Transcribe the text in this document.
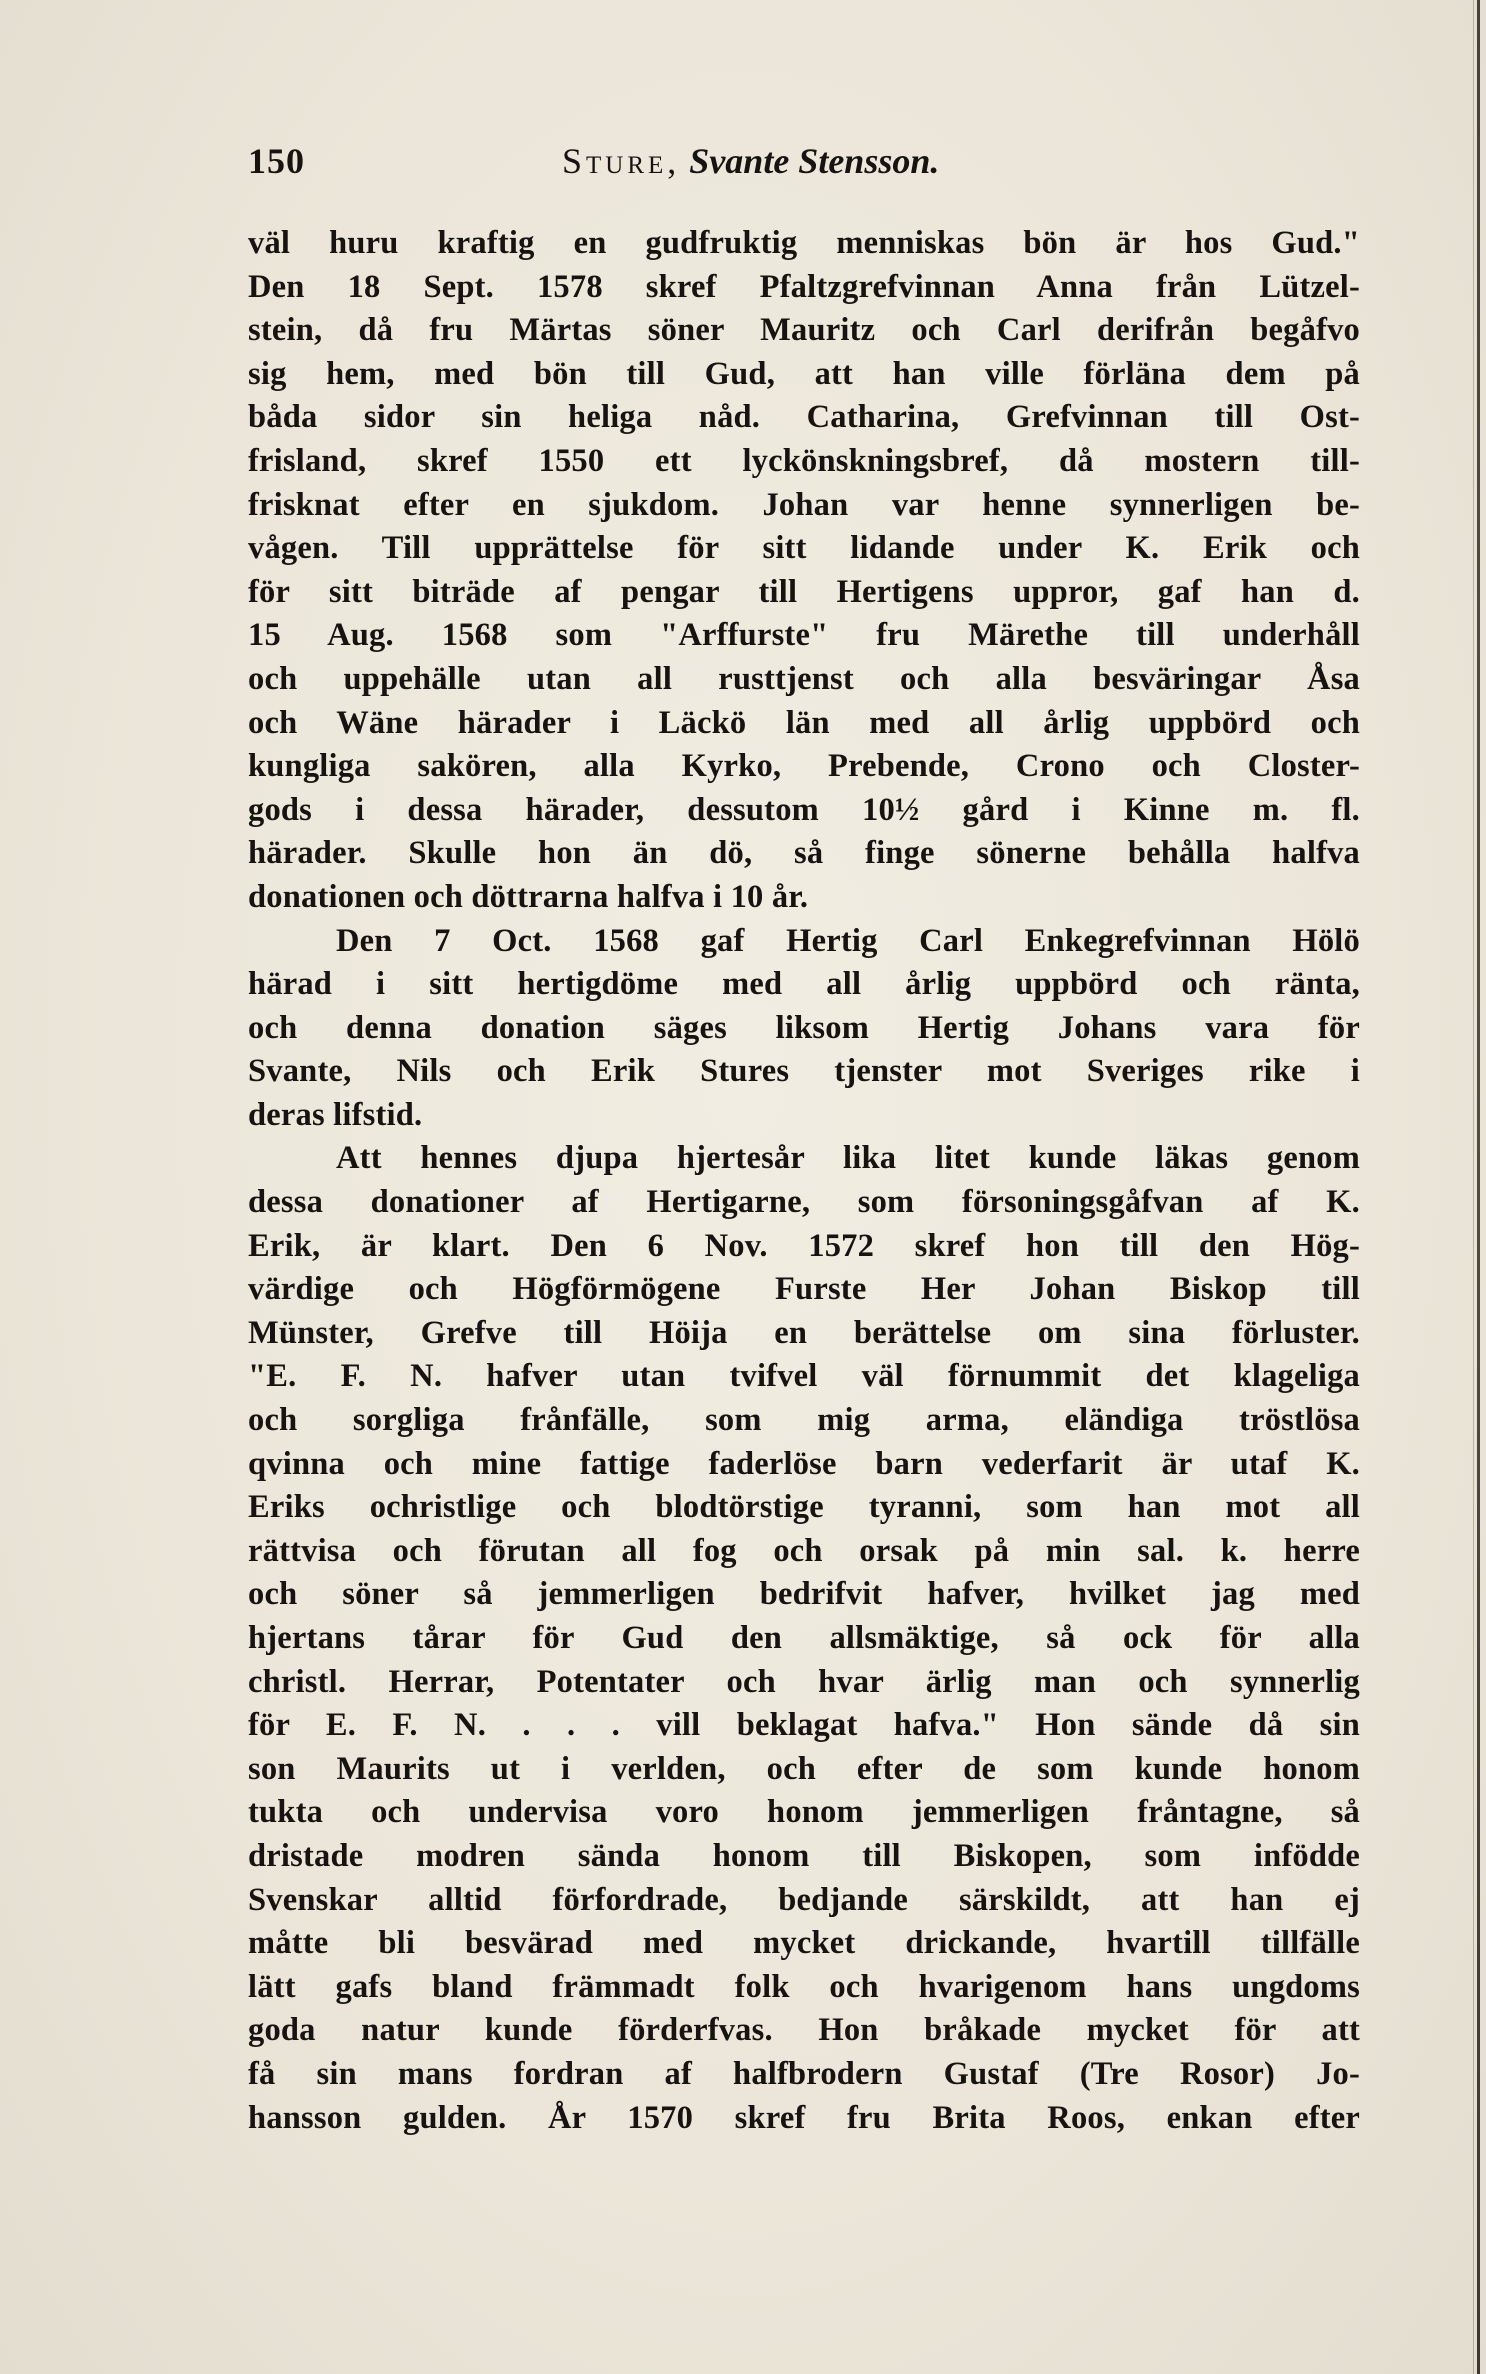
150	Sture, Svante Stensson.
väl huru kraftig en gudfruktig menniskas bön är hos Gud."
Den 18 Sept. 1578 skref Pfaltzgrefvinnan Anna från Lützel-
stein, då fru Märtas söner Mauritz och Carl derifrån begåfvo
sig hem, med bön till Gud, att han ville förläna dem på
båda sidor sin heliga nåd. Catharina, Grefvinnan till Ost-
frisland, skref 1550 ett lyckönskningsbref, då mostern till-
frisknat efter en sjukdom. Johan var henne synnerligen be-
vågen. Till upprättelse för sitt lidande under K. Erik och
för sitt biträde af pengar till Hertigens uppror, gaf han d.
15 Aug. 1568 som "Arffurste" fru Märethe till underhåll
och uppehälle utan all rusttjenst och alla besväringar Åsa
och Wäne härader i Läckö län med all årlig uppbörd och
kungliga sakören, alla Kyrko, Prebende, Crono och Closter-
gods i dessa härader, dessutom 10½ gård i Kinne m. fl.
härader. Skulle hon än dö, så finge sönerne behålla halfva
donationen och döttrarna halfva i 10 år.
Den 7 Oct. 1568 gaf Hertig Carl Enkegrefvinnan Hölö
härad i sitt hertigdöme med all årlig uppbörd och ränta,
och denna donation säges liksom Hertig Johans vara för
Svante, Nils och Erik Stures tjenster mot Sveriges rike i
deras lifstid.
Att hennes djupa hjertesår lika litet kunde läkas genom
dessa donationer af Hertigarne, som försoningsgåfvan af K.
Erik, är klart. Den 6 Nov. 1572 skref hon till den Hög-
värdige och Högförmögene Furste Her Johan Biskop till
Münster, Grefve till Höija en berättelse om sina förluster.
"E. F. N. hafver utan tvifvel väl förnummit det klageliga
och sorgliga frånfälle, som mig arma, eländiga tröstlösa
qvinna och mine fattige faderlöse barn vederfarit är utaf K.
Eriks ochristlige och blodtörstige tyranni, som han mot all
rättvisa och förutan all fog och orsak på min sal. k. herre
och söner så jemmerligen bedrifvit hafver, hvilket jag med
hjertans tårar för Gud den allsmäktige, så ock för alla
christl. Herrar, Potentater och hvar ärlig man och synnerlig
för E. F. N. . . . vill beklagat hafva." Hon sände då sin
son Maurits ut i verlden, och efter de som kunde honom
tukta och undervisa voro honom jemmerligen fråntagne, så
dristade modren sända honom till Biskopen, som infödde
Svenskar alltid förfordrade, bedjande särskildt, att han ej
måtte bli besvärad med mycket drickande, hvartill tillfälle
lätt gafs bland främmadt folk och hvarigenom hans ungdoms
goda natur kunde förderfvas. Hon bråkade mycket för att
få sin mans fordran af halfbrodern Gustaf (Tre Rosor) Jo-
hansson gulden. År 1570 skref fru Brita Roos, enkan efter
